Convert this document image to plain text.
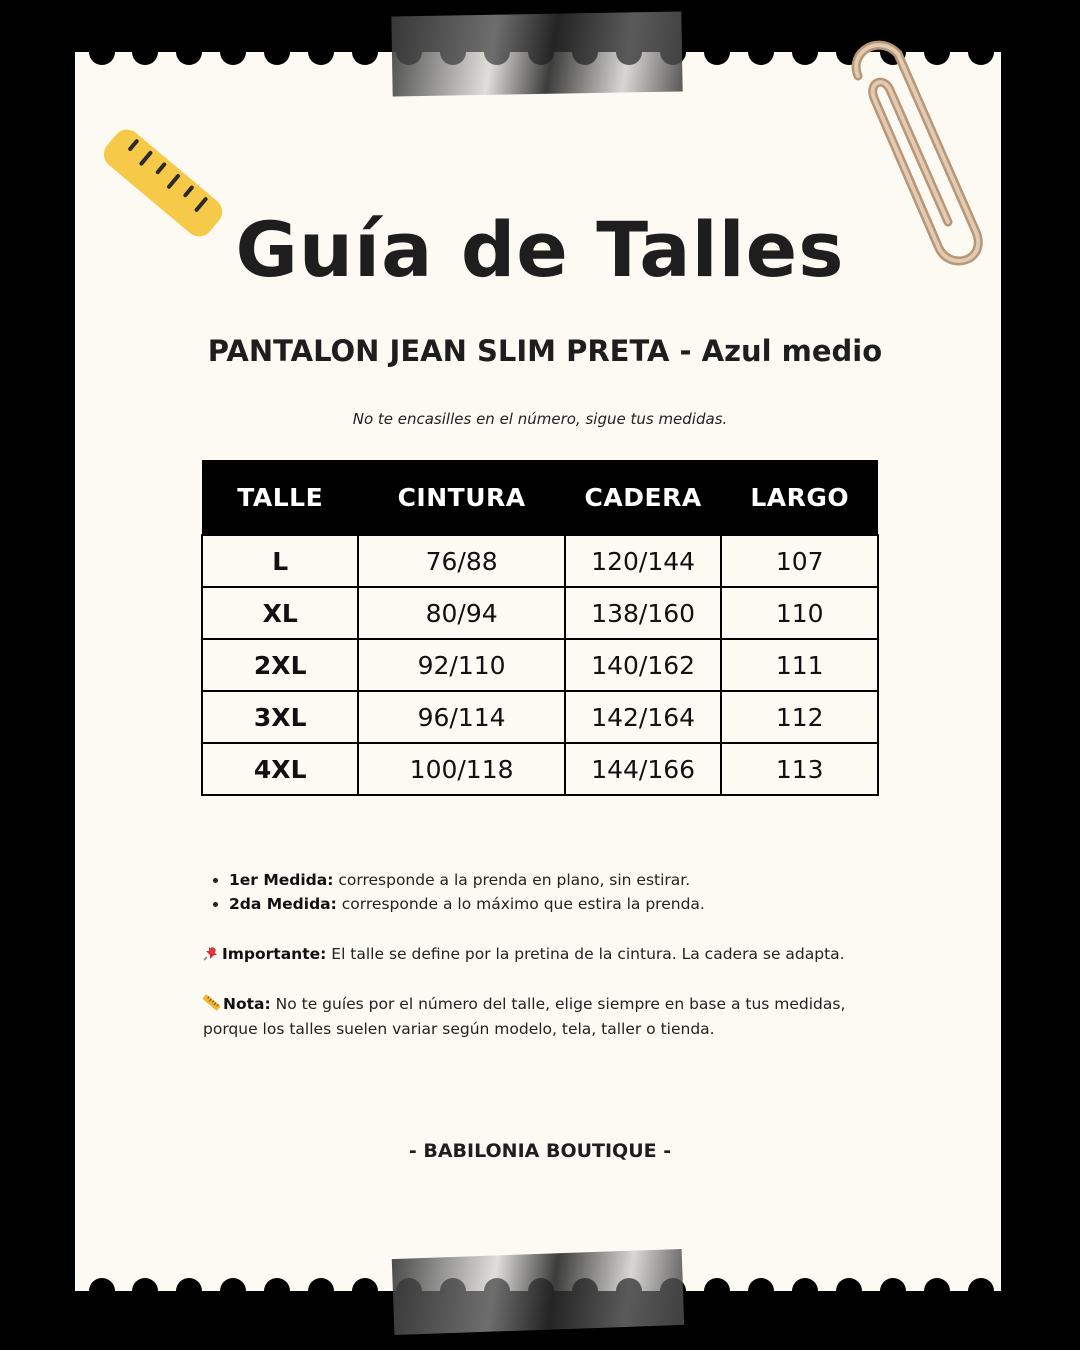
Guía de Talles
PANTALON JEAN SLIM PRETA - Azul medio

No te encasilles en el número, sigue tus medidas.

TALLE	CINTURA	CADERA	LARGO
L	76/88	120/144	107
XL	80/94	138/160	110
2XL	92/110	140/162	111
3XL	96/114	142/164	112
4XL	100/118	144/166	113
• 1er Medida: corresponde a la prenda en plano, sin estirar.
• 2da Medida: corresponde a lo máximo que estira la prenda.

Importante: El talle se define por la pretina de la cintura. La cadera se adapta.

Nota: No te guíes por el número del talle, elige siempre en base a tus medidas, porque los talles suelen variar según modelo, tela, taller o tienda.

- BABILONIA BOUTIQUE -
